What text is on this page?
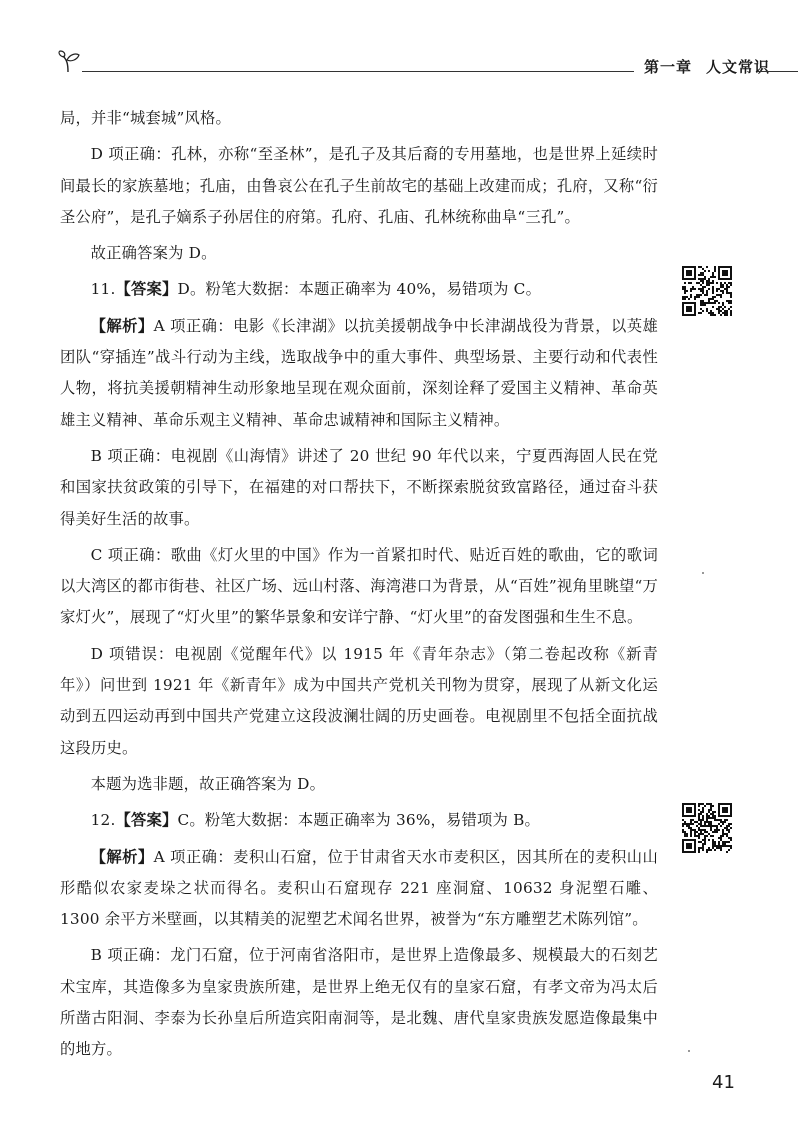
第一章 人文常识

局，并非“城套城”风格。

D 项正确：孔林，亦称“至圣林”，是孔子及其后裔的专用墓地，也是世界上延续时间最长的家族墓地；孔庙，由鲁哀公在孔子生前故宅的基础上改建而成；孔府，又称“衍圣公府”，是孔子嫡系子孙居住的府第。孔府、孔庙、孔林统称曲阜“三孔”。

故正确答案为 D。

11.【答案】D。粉笔大数据：本题正确率为 40%，易错项为 C。

【解析】A 项正确：电影《长津湖》以抗美援朝战争中长津湖战役为背景，以英雄团队“穿插连”战斗行动为主线，选取战争中的重大事件、典型场景、主要行动和代表性人物，将抗美援朝精神生动形象地呈现在观众面前，深刻诠释了爱国主义精神、革命英雄主义精神、革命乐观主义精神、革命忠诚精神和国际主义精神。

B 项正确：电视剧《山海情》讲述了 20 世纪 90 年代以来，宁夏西海固人民在党和国家扶贫政策的引导下，在福建的对口帮扶下，不断探索脱贫致富路径，通过奋斗获得美好生活的故事。

C 项正确：歌曲《灯火里的中国》作为一首紧扣时代、贴近百姓的歌曲，它的歌词以大湾区的都市街巷、社区广场、远山村落、海湾港口为背景，从“百姓”视角里眺望“万家灯火”，展现了“灯火里”的繁华景象和安详宁静、“灯火里”的奋发图强和生生不息。

D 项错误：电视剧《觉醒年代》以 1915 年《青年杂志》（第二卷起改称《新青年》）问世到 1921 年《新青年》成为中国共产党机关刊物为贯穿，展现了从新文化运动到五四运动再到中国共产党建立这段波澜壮阔的历史画卷。电视剧里不包括全面抗战这段历史。

本题为选非题，故正确答案为 D。

12.【答案】C。粉笔大数据：本题正确率为 36%，易错项为 B。

【解析】A 项正确：麦积山石窟，位于甘肃省天水市麦积区，因其所在的麦积山山形酷似农家麦垛之状而得名。麦积山石窟现存 221 座洞窟、10632 身泥塑石雕、1300 余平方米壁画，以其精美的泥塑艺术闻名世界，被誉为“东方雕塑艺术陈列馆”。

B 项正确：龙门石窟，位于河南省洛阳市，是世界上造像最多、规模最大的石刻艺术宝库，其造像多为皇家贵族所建，是世界上绝无仅有的皇家石窟，有孝文帝为冯太后所凿古阳洞、李泰为长孙皇后所造宾阳南洞等，是北魏、唐代皇家贵族发愿造像最集中的地方。

41
